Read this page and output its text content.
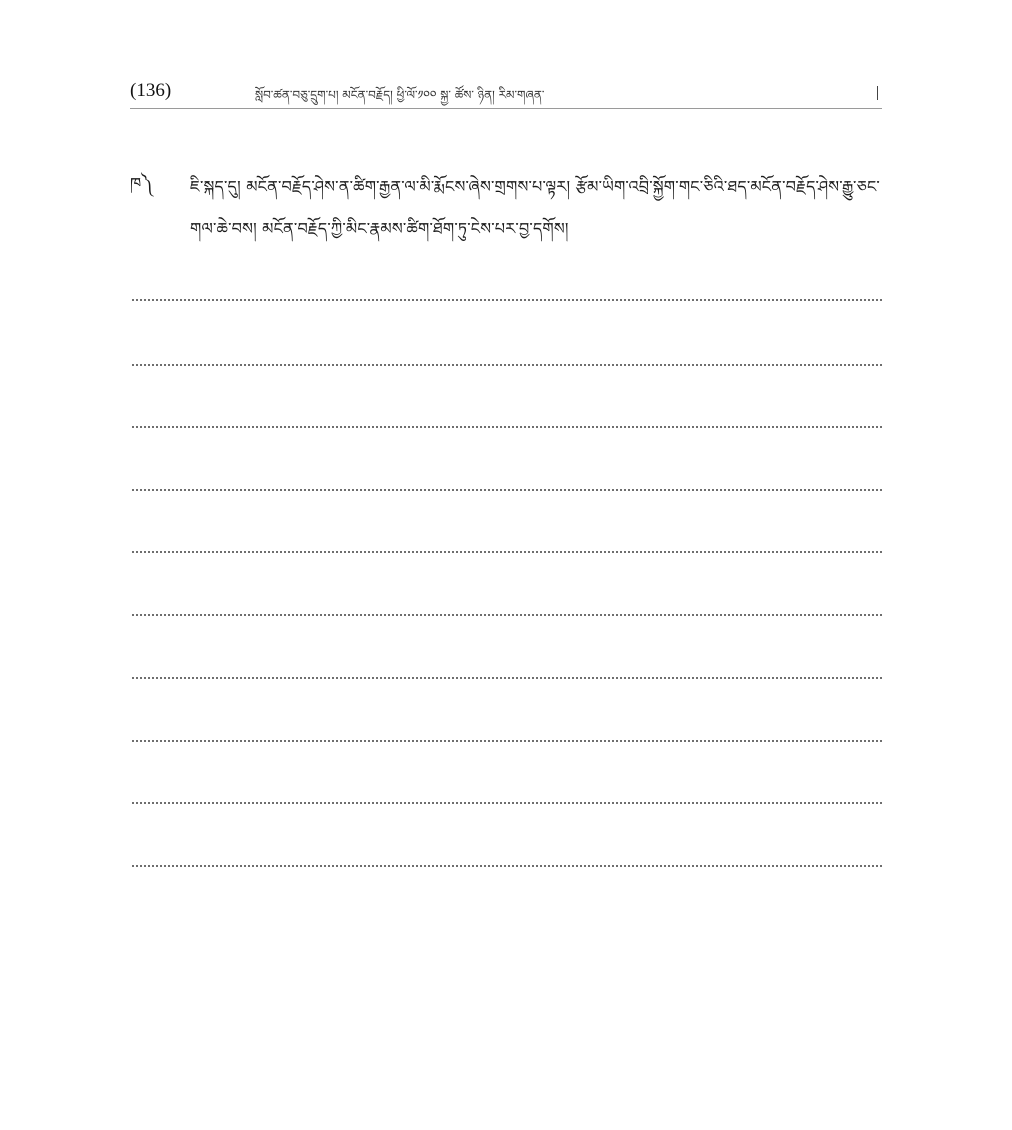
(136)	སློབ་ཚན་བཅུ་དྲུག་པ། མངོན་བརྗོད། ཕྱི་ལོ་༡༠༠ སྐྱ་ ཚོས་ ཉིན། རིམ་གཞན་
ཁ༽ ཇི་སྐད་དུ། མངོན་བརྗོད་ཤེས་ན་ཚིག་རྒྱན་ལ་མི་རྨོངས་ཞེས་གྲགས་པ་ལྟར། རྩོམ་ཡིག་འབྲི་སྐྱོག་གང་ཅིའི་ཐད་མངོན་བརྗོད་ཤེས་རྒྱུ་ཅང་གལ་ཆེ་བས། མངོན་བརྗོད་ཀྱི་མིང་རྣམས་ཚིག་ཐོག་ཏུ་ངེས་པར་བྱ་དགོས།
